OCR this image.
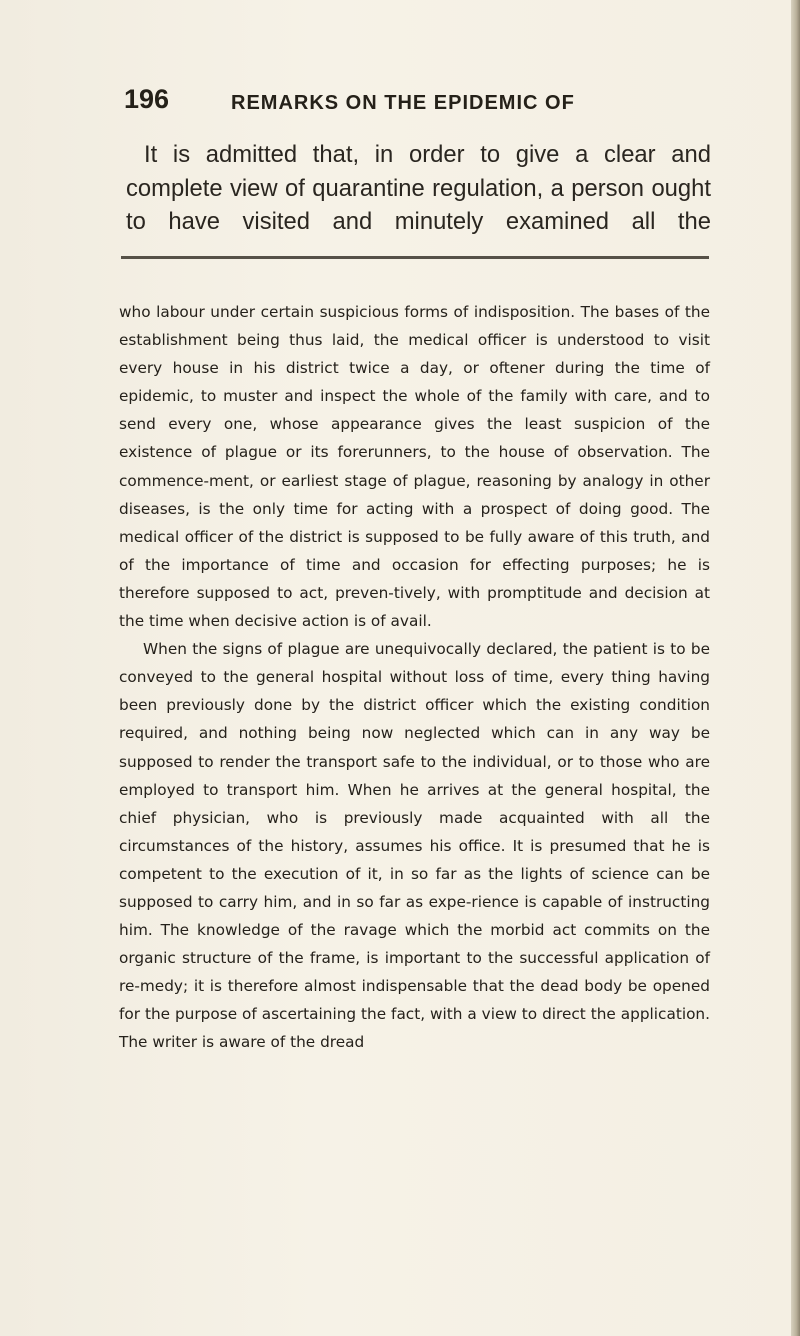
196	REMARKS ON THE EPIDEMIC OF

It is admitted that, in order to give a clear and complete view of quarantine regulation, a person ought to have visited and minutely examined all the

who labour under certain suspicious forms of indisposition. The bases of the establishment being thus laid, the medical officer is understood to visit every house in his district twice a day, or oftener during the time of epidemic, to muster and inspect the whole of the family with care, and to send every one, whose appearance gives the least suspicion of the existence of plague or its forerunners, to the house of observation. The commence-ment, or earliest stage of plague, reasoning by analogy in other diseases, is the only time for acting with a prospect of doing good. The medical officer of the district is supposed to be fully aware of this truth, and of the importance of time and occasion for effecting purposes; he is therefore supposed to act, preven-tively, with promptitude and decision at the time when decisive action is of avail.

When the signs of plague are unequivocally declared, the patient is to be conveyed to the general hospital without loss of time, every thing having been previously done by the district officer which the existing condition required, and nothing being now neglected which can in any way be supposed to render the transport safe to the individual, or to those who are employed to transport him. When he arrives at the general hospital, the chief physician, who is previously made acquainted with all the circumstances of the history, assumes his office. It is presumed that he is competent to the execution of it, in so far as the lights of science can be supposed to carry him, and in so far as expe-rience is capable of instructing him. The knowledge of the ravage which the morbid act commits on the organic structure of the frame, is important to the successful application of re-medy; it is therefore almost indispensable that the dead body be opened for the purpose of ascertaining the fact, with a view to direct the application. The writer is aware of the dread
